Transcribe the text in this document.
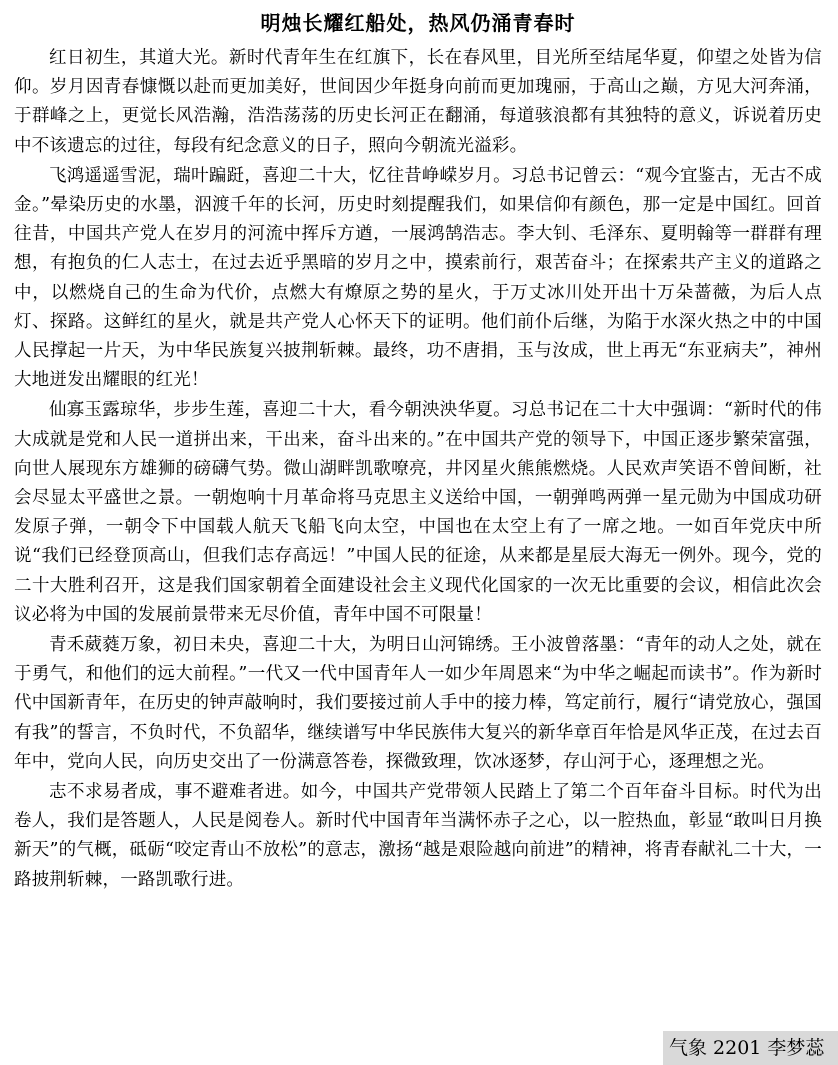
明烛长耀红船处，热风仍涌青春时

红日初生，其道大光。新时代青年生在红旗下，长在春风里，目光所至结尾华夏，仰望之处皆为信仰。岁月因青春慷慨以赴而更加美好，世间因少年挺身向前而更加瑰丽，于高山之巅，方见大河奔涌，于群峰之上，更觉长风浩瀚，浩浩荡荡的历史长河正在翻涌，每道骇浪都有其独特的意义，诉说着历史中不该遗忘的过往，每段有纪念意义的日子，照向今朝流光溢彩。

飞鸿遥遥雪泥，瑞叶蹁跹，喜迎二十大，忆往昔峥嵘岁月。习总书记曾云：“观今宜鉴古，无古不成金。”晕染历史的水墨，泅渡千年的长河，历史时刻提醒我们，如果信仰有颜色，那一定是中国红。回首往昔，中国共产党人在岁月的河流中挥斥方遒，一展鸿鹄浩志。李大钊、毛泽东、夏明翰等一群群有理想，有抱负的仁人志士，在过去近乎黑暗的岁月之中，摸索前行，艰苦奋斗；在探索共产主义的道路之中，以燃烧自己的生命为代价，点燃大有燎原之势的星火，于万丈冰川处开出十万朵蔷薇，为后人点灯、探路。这鲜红的星火，就是共产党人心怀天下的证明。他们前仆后继，为陷于水深火热之中的中国人民撑起一片天，为中华民族复兴披荆斩棘。最终，功不唐捐，玉与汝成，世上再无“东亚病夫”，神州大地迸发出耀眼的红光！

仙寡玉露琼华，步步生莲，喜迎二十大，看今朝泱泱华夏。习总书记在二十大中强调：“新时代的伟大成就是党和人民一道拼出来，干出来，奋斗出来的。”在中国共产党的领导下，中国正逐步繁荣富强，向世人展现东方雄狮的磅礴气势。微山湖畔凯歌嘹亮，井冈星火熊熊燃烧。人民欢声笑语不曾间断，社会尽显太平盛世之景。一朝炮响十月革命将马克思主义送给中国，一朝弹鸣两弹一星元勋为中国成功研发原子弹，一朝令下中国载人航天飞船飞向太空，中国也在太空上有了一席之地。一如百年党庆中所说“我们已经登顶高山，但我们志存高远！”中国人民的征途，从来都是星辰大海无一例外。现今，党的二十大胜利召开，这是我们国家朝着全面建设社会主义现代化国家的一次无比重要的会议，相信此次会议必将为中国的发展前景带来无尽价值，青年中国不可限量！

青禾葳蕤万象，初日未央，喜迎二十大，为明日山河锦绣。王小波曾落墨：“青年的动人之处，就在于勇气，和他们的远大前程。”一代又一代中国青年人一如少年周恩来“为中华之崛起而读书”。作为新时代中国新青年，在历史的钟声敲响时，我们要接过前人手中的接力棒，笃定前行，履行“请党放心，强国有我”的誓言，不负时代，不负韶华，继续谱写中华民族伟大复兴的新华章百年恰是风华正茂，在过去百年中，党向人民，向历史交出了一份满意答卷，探微致理，饮冰逐梦，存山河于心，逐理想之光。

志不求易者成，事不避难者进。如今，中国共产党带领人民踏上了第二个百年奋斗目标。时代为出卷人，我们是答题人，人民是阅卷人。新时代中国青年当满怀赤子之心，以一腔热血，彰显“敢叫日月换新天”的气概，砥砺“咬定青山不放松”的意志，激扬“越是艰险越向前进”的精神，将青春献礼二十大，一路披荆斩棘，一路凯歌行进。

气象 2201 李梦蕊
